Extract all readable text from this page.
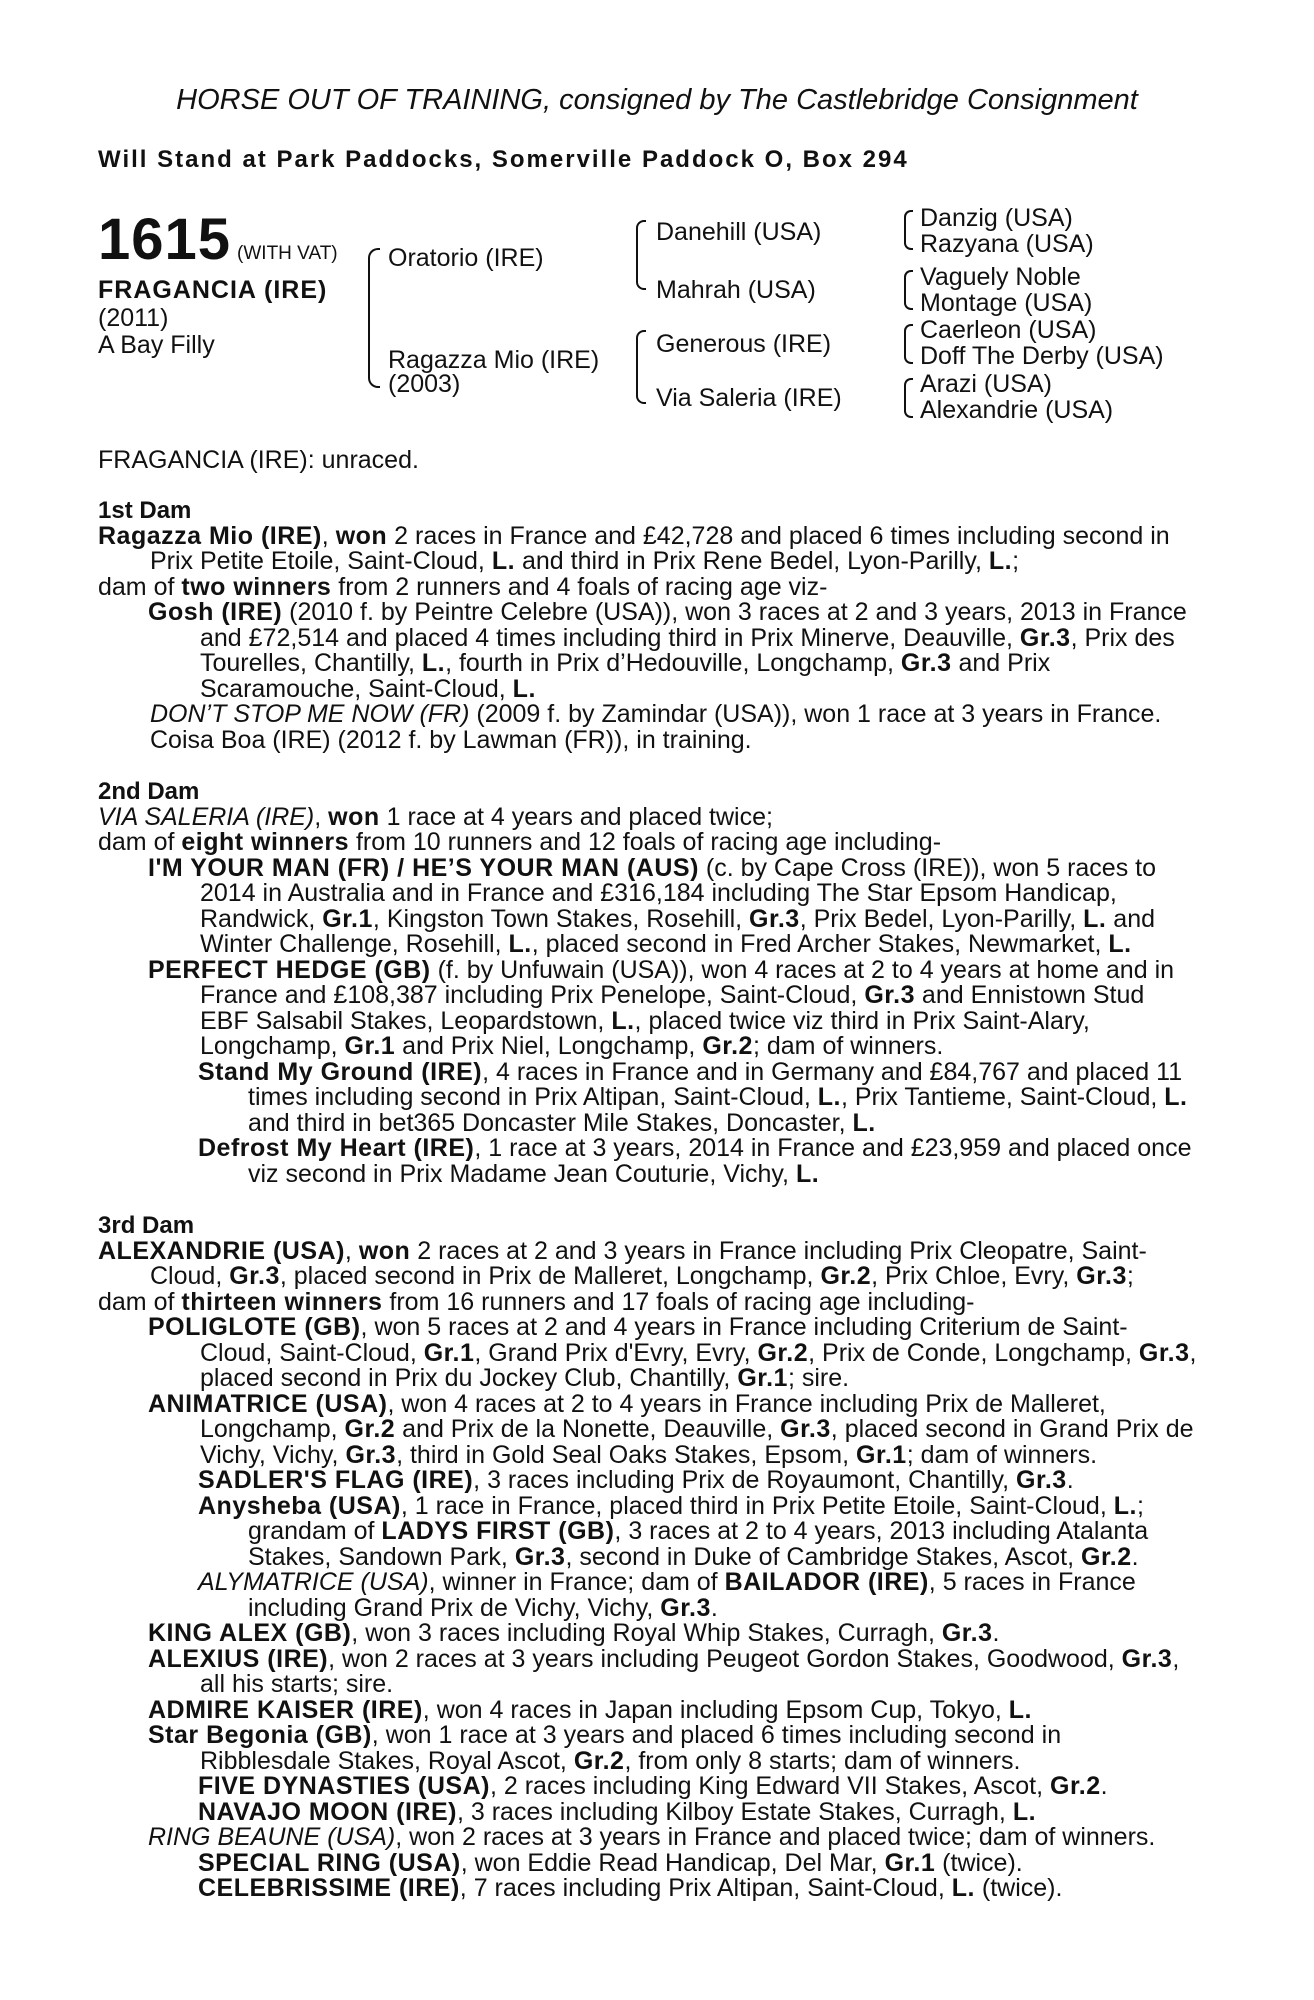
HORSE OUT OF TRAINING, consigned by The Castlebridge Consignment
Will Stand at Park Paddocks, Somerville Paddock O, Box 294
1615 (WITH VAT)
FRAGANCIA (IRE)
(2011)
A Bay Filly
Oratorio (IRE)
Ragazza Mio (IRE)
(2003)
Danehill (USA)
Mahrah (USA)
Generous (IRE)
Via Saleria (IRE)
Danzig (USA)
Razyana (USA)
Vaguely Noble
Montage (USA)
Caerleon (USA)
Doff The Derby (USA)
Arazi (USA)
Alexandrie (USA)
FRAGANCIA (IRE): unraced.
1st Dam

Ragazza Mio (IRE), won 2 races in France and £42,728 and placed 6 times including second in Prix Petite Etoile, Saint-Cloud, L. and third in Prix Rene Bedel, Lyon-Parilly, L.;

dam of two winners from 2 runners and 4 foals of racing age viz-

Gosh (IRE) (2010 f. by Peintre Celebre (USA)), won 3 races at 2 and 3 years, 2013 in France and £72,514 and placed 4 times including third in Prix Minerve, Deauville, Gr.3, Prix des Tourelles, Chantilly, L., fourth in Prix d’Hedouville, Longchamp, Gr.3 and Prix Scaramouche, Saint-Cloud, L.

DON’T STOP ME NOW (FR) (2009 f. by Zamindar (USA)), won 1 race at 3 years in France.

Coisa Boa (IRE) (2012 f. by Lawman (FR)), in training.

2nd Dam

VIA SALERIA (IRE), won 1 race at 4 years and placed twice;

dam of eight winners from 10 runners and 12 foals of racing age including-

I'M YOUR MAN (FR) / HE’S YOUR MAN (AUS) (c. by Cape Cross (IRE)), won 5 races to 2014 in Australia and in France and £316,184 including The Star Epsom Handicap, Randwick, Gr.1, Kingston Town Stakes, Rosehill, Gr.3, Prix Bedel, Lyon-Parilly, L. and Winter Challenge, Rosehill, L., placed second in Fred Archer Stakes, Newmarket, L.

PERFECT HEDGE (GB) (f. by Unfuwain (USA)), won 4 races at 2 to 4 years at home and in France and £108,387 including Prix Penelope, Saint-Cloud, Gr.3 and Ennistown Stud EBF Salsabil Stakes, Leopardstown, L., placed twice viz third in Prix Saint-Alary, Longchamp, Gr.1 and Prix Niel, Longchamp, Gr.2; dam of winners.

Stand My Ground (IRE), 4 races in France and in Germany and £84,767 and placed 11 times including second in Prix Altipan, Saint-Cloud, L., Prix Tantieme, Saint-Cloud, L. and third in bet365 Doncaster Mile Stakes, Doncaster, L.

Defrost My Heart (IRE), 1 race at 3 years, 2014 in France and £23,959 and placed once viz second in Prix Madame Jean Couturie, Vichy, L.

3rd Dam

ALEXANDRIE (USA), won 2 races at 2 and 3 years in France including Prix Cleopatre, Saint-Cloud, Gr.3, placed second in Prix de Malleret, Longchamp, Gr.2, Prix Chloe, Evry, Gr.3;

dam of thirteen winners from 16 runners and 17 foals of racing age including-

POLIGLOTE (GB), won 5 races at 2 and 4 years in France including Criterium de Saint-Cloud, Saint-Cloud, Gr.1, Grand Prix d'Evry, Evry, Gr.2, Prix de Conde, Longchamp, Gr.3, placed second in Prix du Jockey Club, Chantilly, Gr.1; sire.

ANIMATRICE (USA), won 4 races at 2 to 4 years in France including Prix de Malleret, Longchamp, Gr.2 and Prix de la Nonette, Deauville, Gr.3, placed second in Grand Prix de Vichy, Vichy, Gr.3, third in Gold Seal Oaks Stakes, Epsom, Gr.1; dam of winners.

SADLER'S FLAG (IRE), 3 races including Prix de Royaumont, Chantilly, Gr.3.

Anysheba (USA), 1 race in France, placed third in Prix Petite Etoile, Saint-Cloud, L.; grandam of LADYS FIRST (GB), 3 races at 2 to 4 years, 2013 including Atalanta Stakes, Sandown Park, Gr.3, second in Duke of Cambridge Stakes, Ascot, Gr.2.

ALYMATRICE (USA), winner in France; dam of BAILADOR (IRE), 5 races in France including Grand Prix de Vichy, Vichy, Gr.3.

KING ALEX (GB), won 3 races including Royal Whip Stakes, Curragh, Gr.3.

ALEXIUS (IRE), won 2 races at 3 years including Peugeot Gordon Stakes, Goodwood, Gr.3, all his starts; sire.

ADMIRE KAISER (IRE), won 4 races in Japan including Epsom Cup, Tokyo, L.

Star Begonia (GB), won 1 race at 3 years and placed 6 times including second in Ribblesdale Stakes, Royal Ascot, Gr.2, from only 8 starts; dam of winners.

FIVE DYNASTIES (USA), 2 races including King Edward VII Stakes, Ascot, Gr.2.

NAVAJO MOON (IRE), 3 races including Kilboy Estate Stakes, Curragh, L.

RING BEAUNE (USA), won 2 races at 3 years in France and placed twice; dam of winners.

SPECIAL RING (USA), won Eddie Read Handicap, Del Mar, Gr.1 (twice).

CELEBRISSIME (IRE), 7 races including Prix Altipan, Saint-Cloud, L. (twice).
